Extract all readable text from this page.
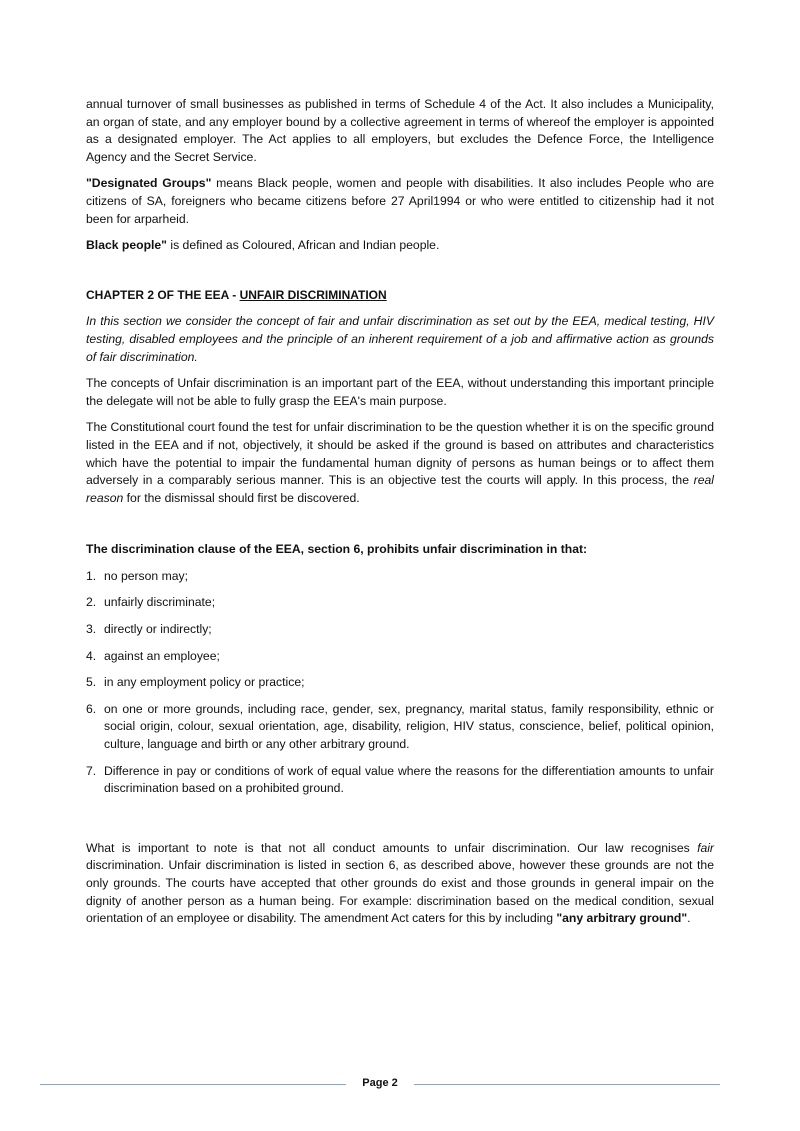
annual turnover of small businesses as published in terms of Schedule 4 of the Act. It also includes a Municipality, an organ of state, and any employer bound by a collective agreement in terms of whereof the employer is appointed as a designated employer. The Act applies to all employers, but excludes the Defence Force, the Intelligence Agency and the Secret Service.

"Designated Groups" means Black people, women and people with disabilities. It also includes People who are citizens of SA, foreigners who became citizens before 27 April1994 or who were entitled to citizenship had it not been for arparheid.

Black people" is defined as Coloured, African and Indian people.

CHAPTER 2 OF THE EEA - UNFAIR DISCRIMINATION

In this section we consider the concept of fair and unfair discrimination as set out by the EEA, medical testing, HIV testing, disabled employees and the principle of an inherent requirement of a job and affirmative action as grounds of fair discrimination.

The concepts of Unfair discrimination is an important part of the EEA, without understanding this important principle the delegate will not be able to fully grasp the EEA's main purpose.

The Constitutional court found the test for unfair discrimination to be the question whether it is on the specific ground listed in the EEA and if not, objectively, it should be asked if the ground is based on attributes and characteristics which have the potential to impair the fundamental human dignity of persons as human beings or to affect them adversely in a comparably serious manner. This is an objective test the courts will apply. In this process, the real reason for the dismissal should first be discovered.

The discrimination clause of the EEA, section 6, prohibits unfair discrimination in that:

1. no person may;
2. unfairly discriminate;
3. directly or indirectly;
4. against an employee;
5. in any employment policy or practice;
6. on one or more grounds, including race, gender, sex, pregnancy, marital status, family responsibility, ethnic or social origin, colour, sexual orientation, age, disability, religion, HIV status, conscience, belief, political opinion, culture, language and birth or any other arbitrary ground.
7. Difference in pay or conditions of work of equal value where the reasons for the differentiation amounts to unfair discrimination based on a prohibited ground.

What is important to note is that not all conduct amounts to unfair discrimination. Our law recognises fair discrimination. Unfair discrimination is listed in section 6, as described above, however these grounds are not the only grounds. The courts have accepted that other grounds do exist and those grounds in general impair on the dignity of another person as a human being. For example: discrimination based on the medical condition, sexual orientation of an employee or disability. The amendment Act caters for this by including "any arbitrary ground".

Page 2
